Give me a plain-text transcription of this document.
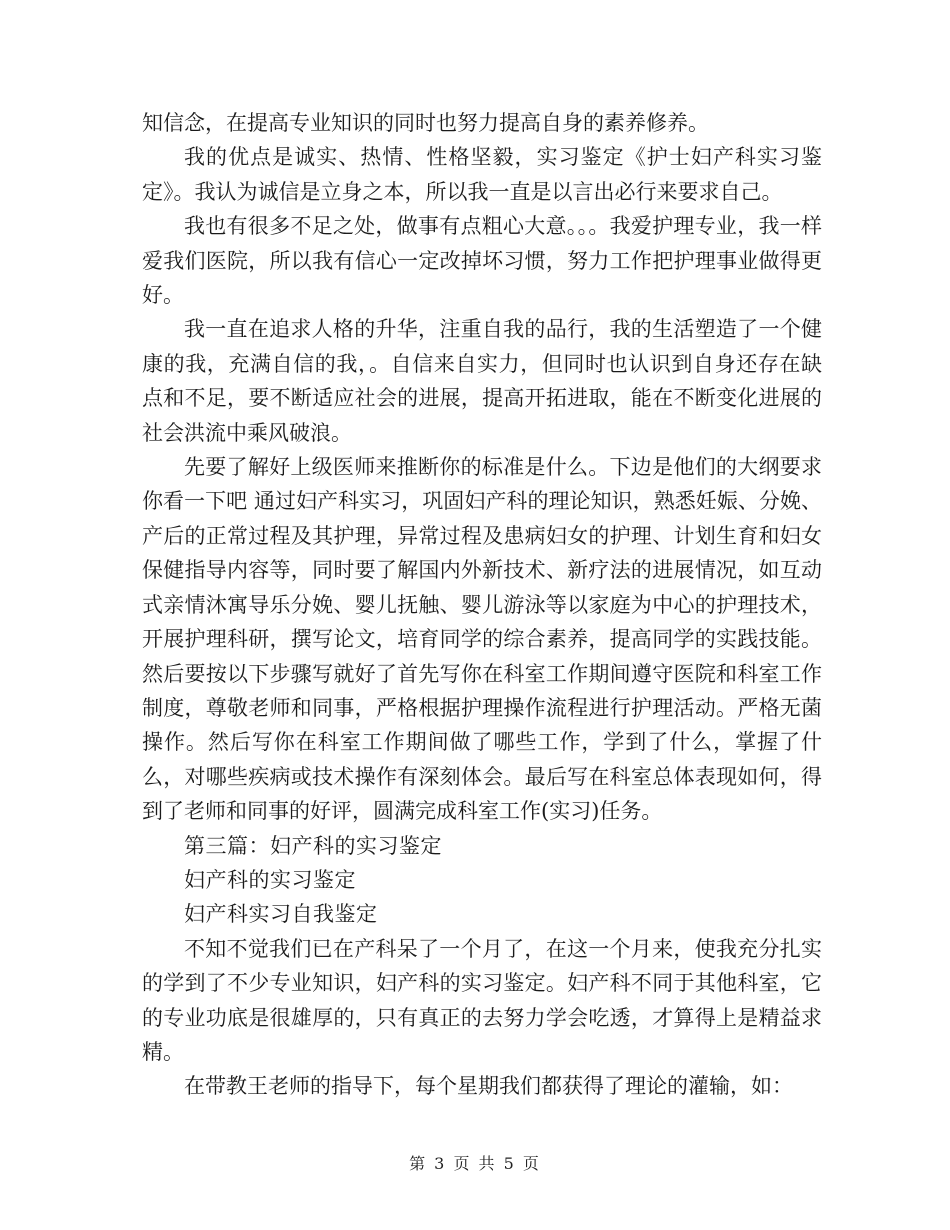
知信念，在提高专业知识的同时也努力提高自身的素养修养。

我的优点是诚实、热情、性格坚毅，实习鉴定《护士妇产科实习鉴定》。我认为诚信是立身之本，所以我一直是以言出必行来要求自己。

我也有很多不足之处，做事有点粗心大意。。。我爱护理专业，我一样爱我们医院，所以我有信心一定改掉坏习惯，努力工作把护理事业做得更好。

我一直在追求人格的升华，注重自我的品行，我的生活塑造了一个健康的我，充满自信的我，。自信来自实力，但同时也认识到自身还存在缺点和不足，要不断适应社会的进展，提高开拓进取，能在不断变化进展的社会洪流中乘风破浪。

先要了解好上级医师来推断你的标准是什么。下边是他们的大纲要求 你看一下吧 通过妇产科实习，巩固妇产科的理论知识，熟悉妊娠、分娩、产后的正常过程及其护理，异常过程及患病妇女的护理、计划生育和妇女保健指导内容等，同时要了解国内外新技术、新疗法的进展情况，如互动式亲情沐寓导乐分娩、婴儿抚触、婴儿游泳等以家庭为中心的护理技术，开展护理科研，撰写论文，培育同学的综合素养，提高同学的实践技能。然后要按以下步骤写就好了首先写你在科室工作期间遵守医院和科室工作制度，尊敬老师和同事，严格根据护理操作流程进行护理活动。严格无菌操作。然后写你在科室工作期间做了哪些工作，学到了什么，掌握了什么，对哪些疾病或技术操作有深刻体会。最后写在科室总体表现如何，得到了老师和同事的好评，圆满完成科室工作(实习)任务。

第三篇：妇产科的实习鉴定

妇产科的实习鉴定

妇产科实习自我鉴定

不知不觉我们已在产科呆了一个月了，在这一个月来，使我充分扎实的学到了不少专业知识，妇产科的实习鉴定。妇产科不同于其他科室，它的专业功底是很雄厚的，只有真正的去努力学会吃透，才算得上是精益求精。

在带教王老师的指导下，每个星期我们都获得了理论的灌输，如：

第 3 页 共 5 页
